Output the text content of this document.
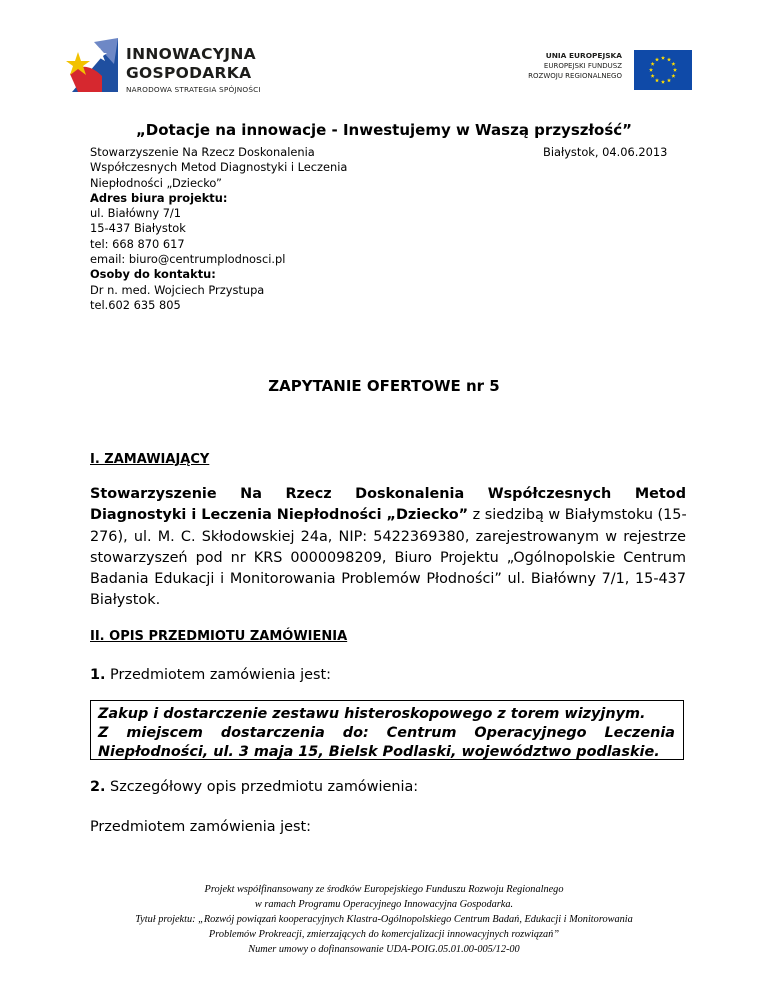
INNOWACYJNA
GOSPODARKA
NARODOWA STRATEGIA SPÓJNOŚCI
UNIA EUROPEJSKA
EUROPEJSKI FUNDUSZ
ROZWOJU REGIONALNEGO
„Dotacje na innowacje - Inwestujemy w Waszą przyszłość”
Stowarzyszenie Na Rzecz Doskonalenia
Współczesnych Metod Diagnostyki i Leczenia
Niepłodności „Dziecko”
Adres biura projektu:
ul. Białówny 7/1
15-437 Białystok
tel: 668 870 617
email: biuro@centrumplodnosci.pl
Osoby do kontaktu:
Dr n. med. Wojciech Przystupa
tel.602 635 805
Białystok, 04.06.2013
ZAPYTANIE OFERTOWE nr 5
I. ZAMAWIAJĄCY
Stowarzyszenie Na Rzecz Doskonalenia Współczesnych Metod
Diagnostyki i Leczenia Niepłodności „Dziecko” z siedzibą w Białymstoku (15-
276), ul. M. C. Skłodowskiej 24a, NIP: 5422369380, zarejestrowanym w rejestrze
stowarzyszeń pod nr KRS 0000098209, Biuro Projektu „Ogólnopolskie Centrum
Badania Edukacji i Monitorowania Problemów Płodności” ul. Białówny 7/1, 15-437
Białystok.
II. OPIS PRZEDMIOTU ZAMÓWIENIA
1. Przedmiotem zamówienia jest:
Zakup i dostarczenie zestawu histeroskopowego z torem wizyjnym.
Z miejscem dostarczenia do: Centrum Operacyjnego Leczenia
Niepłodności, ul. 3 maja 15, Bielsk Podlaski, województwo podlaskie.
2. Szczegółowy opis przedmiotu zamówienia:
Przedmiotem zamówienia jest:
Projekt współfinansowany ze środków Europejskiego Funduszu Rozwoju Regionalnego
w ramach Programu Operacyjnego Innowacyjna Gospodarka.
Tytuł projektu: „Rozwój powiązań kooperacyjnych Klastra-Ogólnopolskiego Centrum Badań, Edukacji i Monitorowania
Problemów Prokreacji, zmierzających do komercjalizacji innowacyjnych rozwiązań”
Numer umowy o dofinansowanie UDA-POIG.05.01.00-005/12-00
